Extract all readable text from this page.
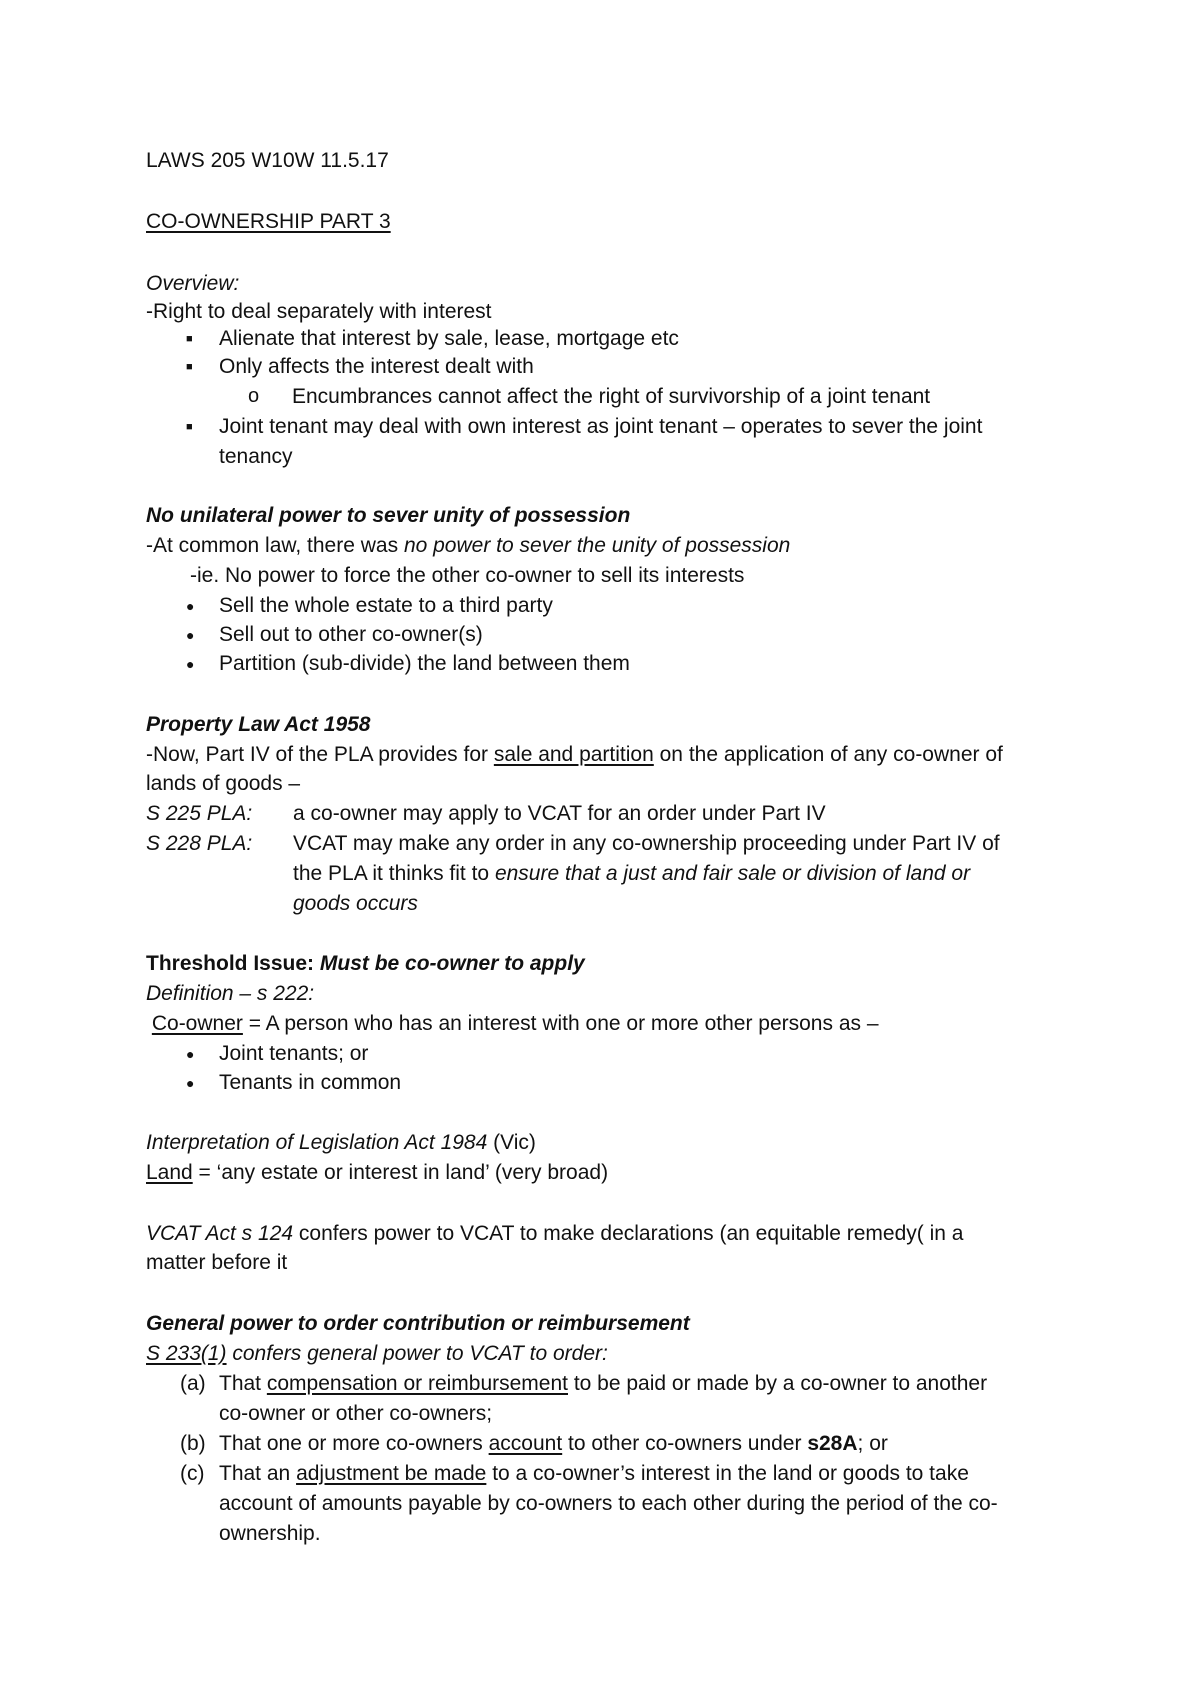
LAWS 205 W10W 11.5.17
CO-OWNERSHIP PART 3
Overview:
-Right to deal separately with interest
■ Alienate that interest by sale, lease, mortgage etc
■ Only affects the interest dealt with
o Encumbrances cannot affect the right of survivorship of a joint tenant
■ Joint tenant may deal with own interest as joint tenant – operates to sever the joint
tenancy
No unilateral power to sever unity of possession
-At common law, there was no power to sever the unity of possession
-ie. No power to force the other co-owner to sell its interests
● Sell the whole estate to a third party
● Sell out to other co-owner(s)
● Partition (sub-divide) the land between them
Property Law Act 1958
-Now, Part IV of the PLA provides for sale and partition on the application of any co-owner of
lands of goods –
S 225 PLA: a co-owner may apply to VCAT for an order under Part IV
S 228 PLA: VCAT may make any order in any co-ownership proceeding under Part IV of
the PLA it thinks fit to ensure that a just and fair sale or division of land or
goods occurs
Threshold Issue: Must be co-owner to apply
Definition – s 222:
Co-owner = A person who has an interest with one or more other persons as –
● Joint tenants; or
● Tenants in common
Interpretation of Legislation Act 1984 (Vic)
Land = ‘any estate or interest in land’ (very broad)
VCAT Act s 124 confers power to VCAT to make declarations (an equitable remedy( in a
matter before it
General power to order contribution or reimbursement
S 233(1) confers general power to VCAT to order:
(a) That compensation or reimbursement to be paid or made by a co-owner to another
co-owner or other co-owners;
(b) That one or more co-owners account to other co-owners under s28A; or
(c) That an adjustment be made to a co-owner’s interest in the land or goods to take
account of amounts payable by co-owners to each other during the period of the co-
ownership.
